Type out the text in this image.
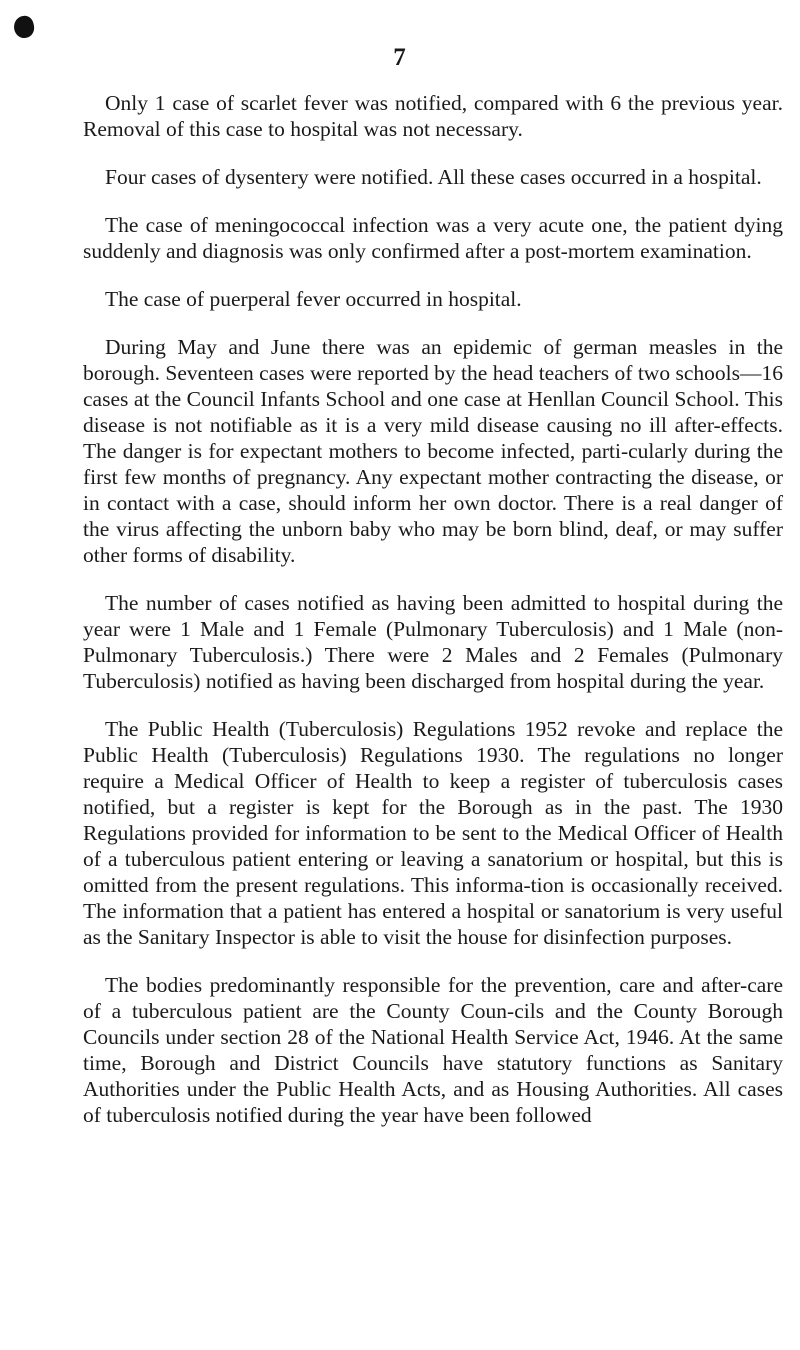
7

Only 1 case of scarlet fever was notified, compared with 6 the previous year. Removal of this case to hospital was not necessary.

Four cases of dysentery were notified. All these cases occurred in a hospital.

The case of meningococcal infection was a very acute one, the patient dying suddenly and diagnosis was only confirmed after a post-mortem examination.

The case of puerperal fever occurred in hospital.

During May and June there was an epidemic of german measles in the borough. Seventeen cases were reported by the head teachers of two schools—16 cases at the Council Infants School and one case at Henllan Council School. This disease is not notifiable as it is a very mild disease causing no ill after-effects. The danger is for expectant mothers to become infected, parti-cularly during the first few months of pregnancy. Any expectant mother contracting the disease, or in contact with a case, should inform her own doctor. There is a real danger of the virus affecting the unborn baby who may be born blind, deaf, or may suffer other forms of disability.

The number of cases notified as having been admitted to hospital during the year were 1 Male and 1 Female (Pulmonary Tuberculosis) and 1 Male (non-Pulmonary Tuberculosis.) There were 2 Males and 2 Females (Pulmonary Tuberculosis) notified as having been discharged from hospital during the year.

The Public Health (Tuberculosis) Regulations 1952 revoke and replace the Public Health (Tuberculosis) Regulations 1930. The regulations no longer require a Medical Officer of Health to keep a register of tuberculosis cases notified, but a register is kept for the Borough as in the past. The 1930 Regulations provided for information to be sent to the Medical Officer of Health of a tuberculous patient entering or leaving a sanatorium or hospital, but this is omitted from the present regulations. This informa-tion is occasionally received. The information that a patient has entered a hospital or sanatorium is very useful as the Sanitary Inspector is able to visit the house for disinfection purposes.

The bodies predominantly responsible for the prevention, care and after-care of a tuberculous patient are the County Coun-cils and the County Borough Councils under section 28 of the National Health Service Act, 1946. At the same time, Borough and District Councils have statutory functions as Sanitary Authorities under the Public Health Acts, and as Housing Authorities. All cases of tuberculosis notified during the year have been followed
